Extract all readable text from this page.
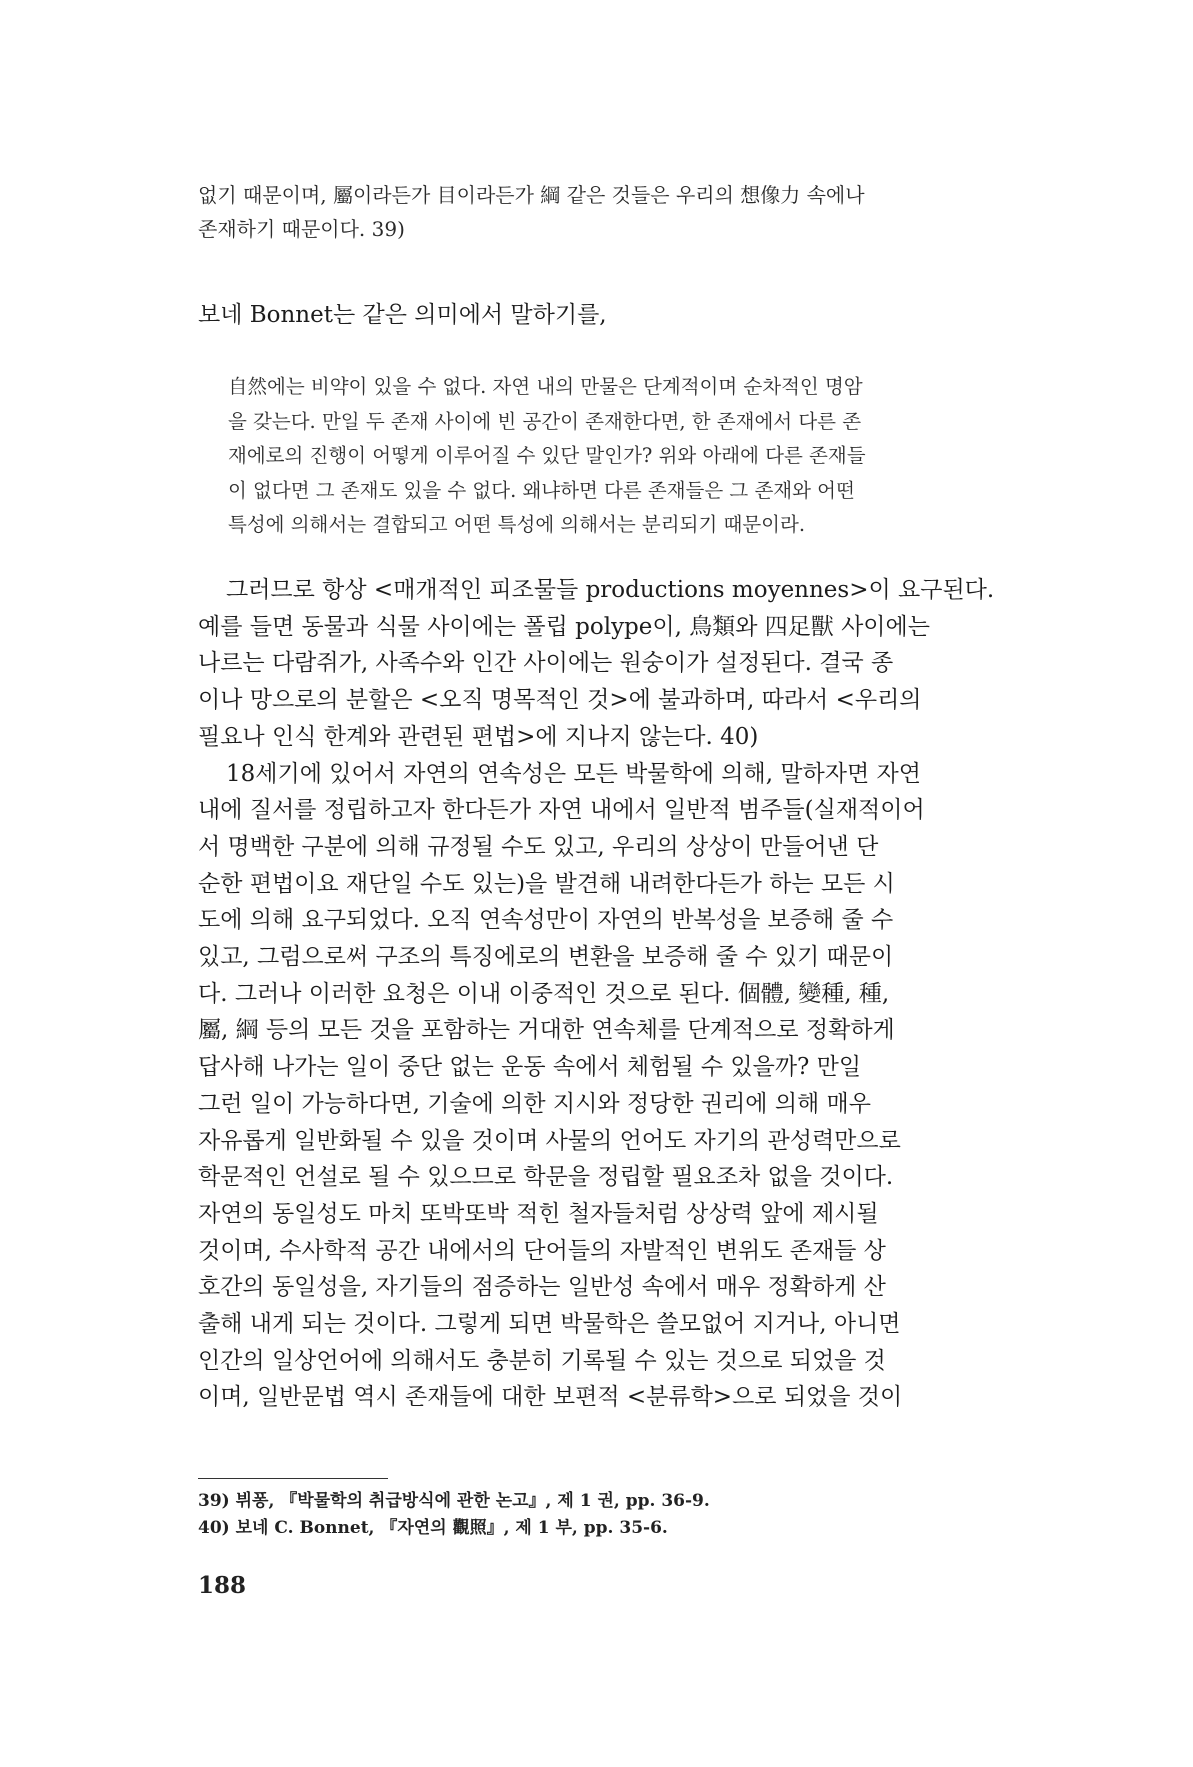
없기 때문이며, 屬이라든가 目이라든가 綱 같은 것들은 우리의 想像力 속에나
존재하기 때문이다. 39)
보네 Bonnet는 같은 의미에서 말하기를,
自然에는 비약이 있을 수 없다. 자연 내의 만물은 단계적이며 순차적인 명암
을 갖는다. 만일 두 존재 사이에 빈 공간이 존재한다면, 한 존재에서 다른 존
재에로의 진행이 어떻게 이루어질 수 있단 말인가? 위와 아래에 다른 존재들
이 없다면 그 존재도 있을 수 없다. 왜냐하면 다른 존재들은 그 존재와 어떤
특성에 의해서는 결합되고 어떤 특성에 의해서는 분리되기 때문이라.
그러므로 항상 <매개적인 피조물들 productions moyennes>이 요구된다.
예를 들면 동물과 식물 사이에는 폴립 polype이, 鳥類와 四足獸 사이에는
나르는 다람쥐가, 사족수와 인간 사이에는 원숭이가 설정된다. 결국 종
이나 망으로의 분할은 <오직 명목적인 것>에 불과하며, 따라서 <우리의
필요나 인식 한계와 관련된 편법>에 지나지 않는다. 40)
18세기에 있어서 자연의 연속성은 모든 박물학에 의해, 말하자면 자연
내에 질서를 정립하고자 한다든가 자연 내에서 일반적 범주들(실재적이어
서 명백한 구분에 의해 규정될 수도 있고, 우리의 상상이 만들어낸 단
순한 편법이요 재단일 수도 있는)을 발견해 내려한다든가 하는 모든 시
도에 의해 요구되었다. 오직 연속성만이 자연의 반복성을 보증해 줄 수
있고, 그럼으로써 구조의 특징에로의 변환을 보증해 줄 수 있기 때문이
다. 그러나 이러한 요청은 이내 이중적인 것으로 된다. 個體, 變種, 種,
屬, 綱 등의 모든 것을 포함하는 거대한 연속체를 단계적으로 정확하게
답사해 나가는 일이 중단 없는 운동 속에서 체험될 수 있을까? 만일
그런 일이 가능하다면, 기술에 의한 지시와 정당한 권리에 의해 매우
자유롭게 일반화될 수 있을 것이며 사물의 언어도 자기의 관성력만으로
학문적인 언설로 될 수 있으므로 학문을 정립할 필요조차 없을 것이다.
자연의 동일성도 마치 또박또박 적힌 철자들처럼 상상력 앞에 제시될
것이며, 수사학적 공간 내에서의 단어들의 자발적인 변위도 존재들 상
호간의 동일성을, 자기들의 점증하는 일반성 속에서 매우 정확하게 산
출해 내게 되는 것이다. 그렇게 되면 박물학은 쓸모없어 지거나, 아니면
인간의 일상언어에 의해서도 충분히 기록될 수 있는 것으로 되었을 것
이며, 일반문법 역시 존재들에 대한 보편적 <분류학>으로 되었을 것이
39) 뷔퐁, 『박물학의 취급방식에 관한 논고』, 제 1 권, pp. 36-9.
40) 보네 C. Bonnet, 『자연의 觀照』, 제 1 부, pp. 35-6.
188
